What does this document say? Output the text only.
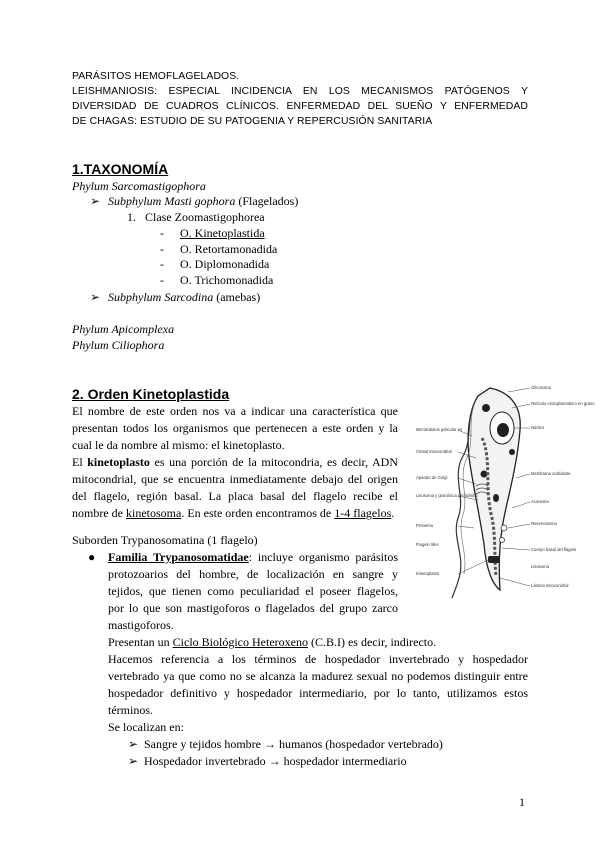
PARÁSITOS HEMOFLAGELADOS.
LEISHMANIOSIS: ESPECIAL INCIDENCIA EN LOS MECANISMOS PATÓGENOS Y
DIVERSIDAD DE CUADROS CLÍNICOS. ENFERMEDAD DEL SUEÑO Y ENFERMEDAD
DE CHAGAS: ESTUDIO DE SU PATOGENIA Y REPERCUSIÓN SANITARIA
1.TAXONOMÍA
Phylum Sarcomastigophora
➢ Subphylum Masti gophora (Flagelados)
1. Clase Zoomastigophorea
- O. Kinetoplastida
- O. Retortamonadida
- O. Diplomonadida
- O. Trichomonadida
➢ Subphylum Sarcodina (amebas)
Phylum Apicomplexa
Phylum Ciliophora
2. Orden Kinetoplastida
El nombre de este orden nos va a indicar una característica que
presentan todos los organismos que pertenecen a este orden y la
cual le da nombre al mismo: el kinetoplasto.
El kinetoplasto es una porción de la mitocondria, es decir, ADN
mitocondrial, que se encuentra inmediatamente debajo del origen
del flagelo, región basal. La placa basal del flagelo recibe el
nombre de kinetosoma. En este orden encontramos de 1-4 flagelos.
Suborden Trypanosomatina (1 flagelo)
● Familia Trypanosomatidae: incluye organismo parásitos
protozoarios del hombre, de localización en sangre y
tejidos, que tienen como peculiaridad el poseer flagelos,
por lo que son mastigoforos o flagelados del grupo zarco
mastigoforos.
Presentan un Ciclo Biológico Heteroxeno (C.B.I) es decir, indirecto.
Hacemos referencia a los términos de hospedador invertebrado y hospedador
vertebrado ya que como no se alcanza la madurez sexual no podemos distinguir entre
hospedador definitivo y hospedador intermediario, por lo tanto, utilizamos estos
términos.
Se localizan en:
➢ Sangre y tejidos hombre → humanos (hospedador vertebrado)
➢ Hospedador invertebrado → hospedador intermediario
Glicosoma
Retículo endoplasmático en grano
Núcleo
Membrana ondulante
Axonema
Reservosoma
Cuerpo basal del flagelo
Lisosoma
Lámina mitocondrial
Microtúbulos pelicular es
Cristal mitocondrial
Aparato de Golgi
Lisosoma y granónica del bolsillo
Pronema
Flagelo libre
Kinetoplasto
1
